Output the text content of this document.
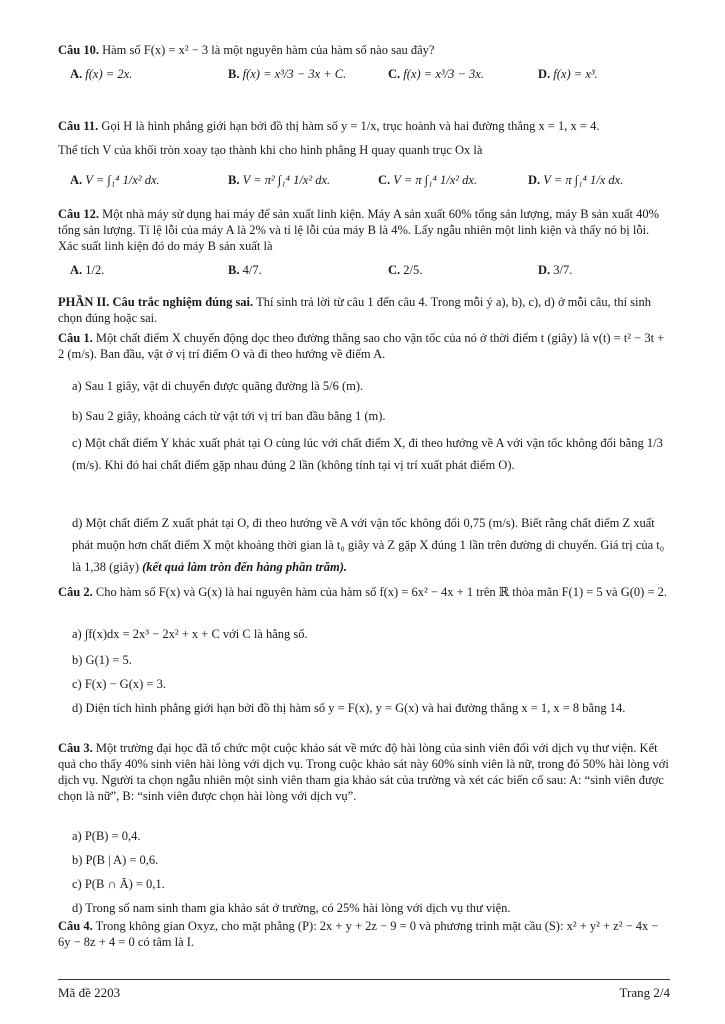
Câu 10. Hàm số F(x) = x² − 3 là một nguyên hàm của hàm số nào sau đây?
A. f(x) = 2x.	B. f(x) = x³/3 − 3x + C.	C. f(x) = x³/3 − 3x.	D. f(x) = x³.
Câu 11. Gọi H là hình phẳng giới hạn bởi đồ thị hàm số y = 1/x, trục hoành và hai đường thẳng x = 1, x = 4.
Thể tích V của khối tròn xoay tạo thành khi cho hình phẳng H quay quanh trục Ox là
A. V = ∫₁⁴ 1/x² dx.	B. V = π² ∫₁⁴ 1/x² dx.	C. V = π ∫₁⁴ 1/x² dx.	D. V = π ∫₁⁴ 1/x dx.
Câu 12. Một nhà máy sử dụng hai máy để sản xuất linh kiện. Máy A sản xuất 60% tổng sản lượng, máy B sản xuất 40% tổng sản lượng. Tỉ lệ lỗi của máy A là 2% và tỉ lệ lỗi của máy B là 4%. Lấy ngẫu nhiên một linh kiện và thấy nó bị lỗi. Xác suất linh kiện đó do máy B sản xuất là
A. 1/2.	B. 4/7.	C. 2/5.	D. 3/7.
PHẦN II. Câu trắc nghiệm đúng sai. Thí sinh trả lời từ câu 1 đến câu 4. Trong mỗi ý a), b), c), d) ở mỗi câu, thí sinh chọn đúng hoặc sai.
Câu 1. Một chất điểm X chuyển động dọc theo đường thẳng sao cho vận tốc của nó ở thời điểm t (giây) là v(t) = t² − 3t + 2 (m/s). Ban đầu, vật ở vị trí điểm O và đi theo hướng về điểm A.
a) Sau 1 giây, vật di chuyển được quãng đường là 5/6 (m).
b) Sau 2 giây, khoảng cách từ vật tới vị trí ban đầu bằng 1 (m).
c) Một chất điểm Y khác xuất phát tại O cùng lúc với chất điểm X, đi theo hướng về A với vận tốc không đổi bằng 1/3 (m/s). Khi đó hai chất điểm gặp nhau đúng 2 lần (không tính tại vị trí xuất phát điểm O).
d) Một chất điểm Z xuất phát tại O, đi theo hướng về A với vận tốc không đổi 0,75 (m/s). Biết rằng chất điểm Z xuất phát muộn hơn chất điểm X một khoảng thời gian là t₀ giây và Z gặp X đúng 1 lần trên đường di chuyển. Giá trị của t₀ là 1,38 (giây) (kết quả làm tròn đến hàng phần trăm).
Câu 2. Cho hàm số F(x) và G(x) là hai nguyên hàm của hàm số f(x) = 6x² − 4x + 1 trên ℝ thỏa mãn F(1) = 5 và G(0) = 2.
a) ∫f(x)dx = 2x³ − 2x² + x + C với C là hằng số.
b) G(1) = 5.
c) F(x) − G(x) = 3.
d) Diện tích hình phẳng giới hạn bởi đồ thị hàm số y = F(x), y = G(x) và hai đường thẳng x = 1, x = 8 bằng 14.
Câu 3. Một trường đại học đã tổ chức một cuộc khảo sát về mức độ hài lòng của sinh viên đối với dịch vụ thư viện. Kết quả cho thấy 40% sinh viên hài lòng với dịch vụ. Trong cuộc khảo sát này 60% sinh viên là nữ, trong đó 50% hài lòng với dịch vụ. Người ta chọn ngẫu nhiên một sinh viên tham gia khảo sát của trường và xét các biến cố sau: A: “sinh viên được chọn là nữ”, B: “sinh viên được chọn hài lòng với dịch vụ”.
a) P(B) = 0,4.
b) P(B | A) = 0,6.
c) P(B ∩ Ā) = 0,1.
d) Trong số nam sinh tham gia khảo sát ở trường, có 25% hài lòng với dịch vụ thư viện.
Câu 4. Trong không gian Oxyz, cho mặt phẳng (P): 2x + y + 2z − 9 = 0 và phương trình mặt cầu (S): x² + y² + z² − 4x − 6y − 8z + 4 = 0 có tâm là I.
Mã đề 2203	Trang 2/4
